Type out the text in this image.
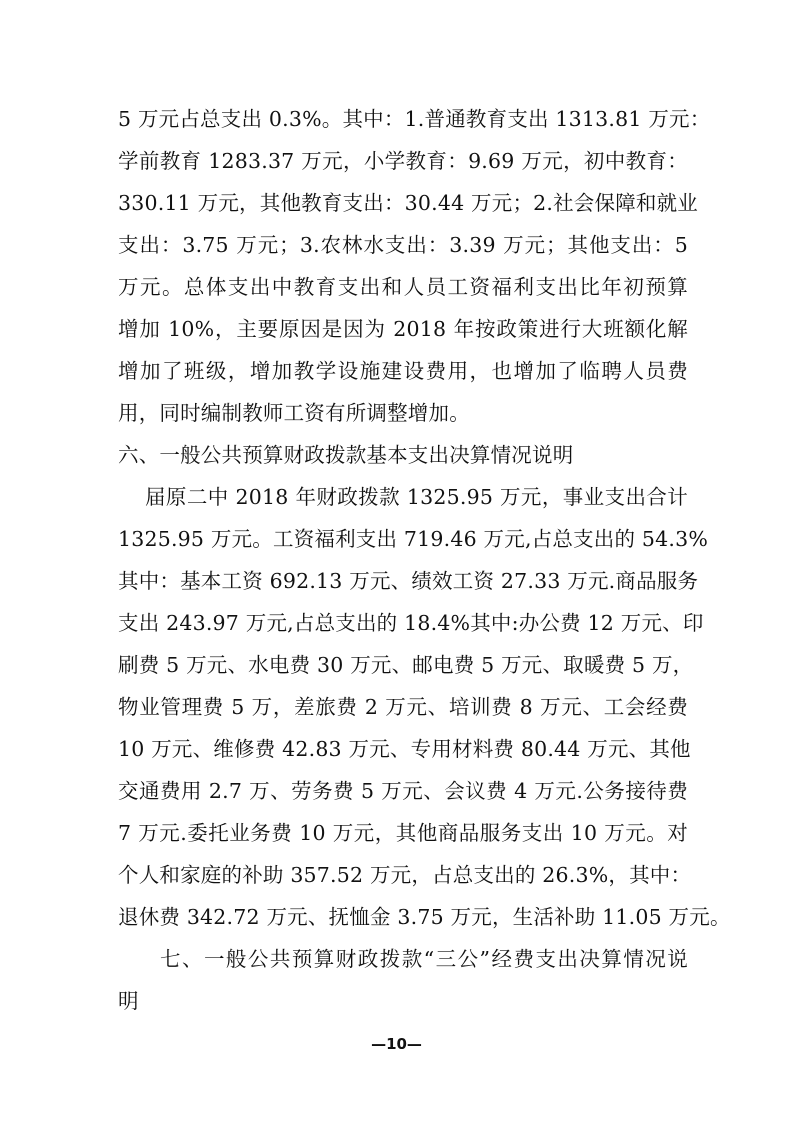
5 万元占总支出 0.3%。其中：1.普通教育支出 1313.81 万元：
学前教育 1283.37 万元，小学教育：9.69 万元，初中教育：
330.11 万元，其他教育支出：30.44 万元；2.社会保障和就业
支出：3.75 万元；3.农林水支出：3.39 万元；其他支出：5
万元。总体支出中教育支出和人员工资福利支出比年初预算
增加 10%，主要原因是因为 2018 年按政策进行大班额化解
增加了班级，增加教学设施建设费用，也增加了临聘人员费
用，同时编制教师工资有所调整增加。
六、一般公共预算财政拨款基本支出决算情况说明
届原二中 2018 年财政拨款 1325.95 万元，事业支出合计
1325.95 万元。工资福利支出 719.46 万元,占总支出的 54.3%
其中：基本工资 692.13 万元、绩效工资 27.33 万元.商品服务
支出 243.97 万元,占总支出的 18.4%其中:办公费 12 万元、印
刷费 5 万元、水电费 30 万元、邮电费 5 万元、取暖费 5 万，
物业管理费 5 万，差旅费 2 万元、培训费 8 万元、工会经费
10 万元、维修费 42.83 万元、专用材料费 80.44 万元、其他
交通费用 2.7 万、劳务费 5 万元、会议费 4 万元.公务接待费
7 万元.委托业务费 10 万元，其他商品服务支出 10 万元。对
个人和家庭的补助 357.52 万元，占总支出的 26.3%，其中：
退休费 342.72 万元、抚恤金 3.75 万元，生活补助 11.05 万元。
七、一般公共预算财政拨款“三公”经费支出决算情况说
明
—10—
